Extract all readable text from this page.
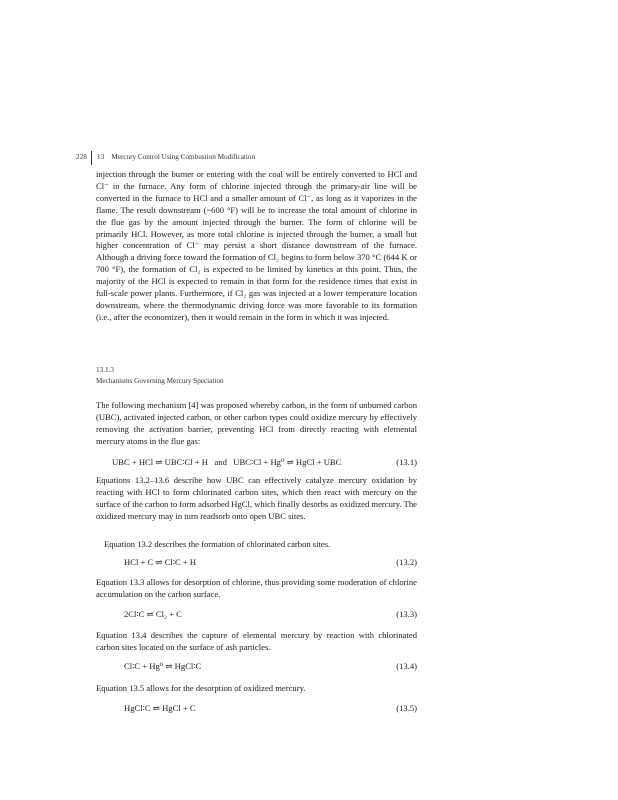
228 13    Mercury Control Using Combustion Modification

injection through the burner or entering with the coal will be entirely converted to HCl and Cl⁻ in the furnace. Any form of chlorine injected through the primary-air line will be converted in the furnace to HCl and a smaller amount of Cl⁻, as long as it vaporizes in the flame. The result downstream (~600 °F) will be to increase the total amount of chlorine in the flue gas by the amount injected through the burner. The form of chlorine will be primarily HCl. However, as more total chlorine is injected through the burner, a small but higher concentration of Cl⁻ may persist a short distance downstream of the furnace. Although a driving force toward the formation of Cl₂ begins to form below 370 °C (644 K or 700 °F), the formation of Cl₂ is expected to be limited by kinetics at this point. Thus, the majority of the HCl is expected to remain in that form for the residence times that exist in full-scale power plants. Furthermore, if Cl₂ gas was injected at a lower temperature location downstream, where the thermodynamic driving force was more favorable to its formation (i.e., after the economizer), then it would remain in the form in which it was injected.

13.1.3
Mechanisms Governing Mercury Speciation

The following mechanism [4] was proposed whereby carbon, in the form of unburned carbon (UBC), activated injected carbon, or other carbon types could oxidize mercury by effectively removing the activation barrier, preventing HCl from directly reacting with elemental mercury atoms in the flue gas:

UBC + HCl ⇌ UBC∶Cl + H   and   UBC∶Cl + Hg⁰ ⇌ HgCl + UBC	(13.1)

Equations 13.2–13.6 describe how UBC can effectively catalyze mercury oxidation by reacting with HCl to form chlorinated carbon sites, which then react with mercury on the surface of the carbon to form adsorbed HgCl, which finally desorbs as oxidized mercury. The oxidized mercury may in turn readsorb onto open UBC sites.

Equation 13.2 describes the formation of chlorinated carbon sites.
HCl + C ⇌ Cl∶C + H	(13.2)

Equation 13.3 allows for desorption of chlorine, thus providing some moderation of chlorine accumulation on the carbon surface.

2Cl∶C ⇌ Cl₂ + C	(13.3)

Equation 13.4 describes the capture of elemental mercury by reaction with chlorinated carbon sites located on the surface of ash particles.

Cl∶C + Hg⁰ ⇌ HgCl∶C	(13.4)

Equation 13.5 allows for the desorption of oxidized mercury.

HgCl∶C ⇌ HgCl + C	(13.5)
